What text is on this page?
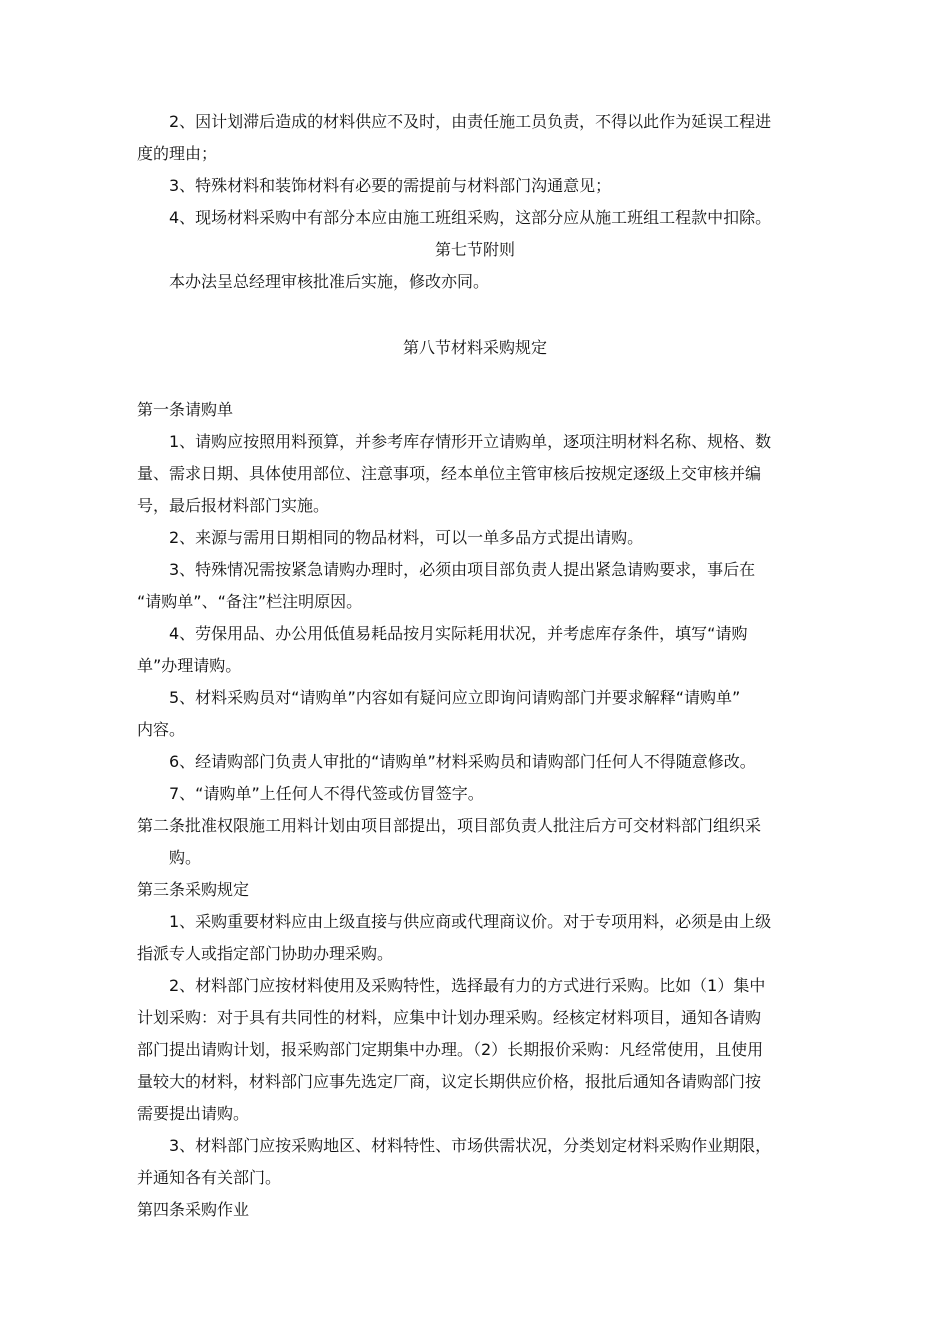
2、因计划滞后造成的材料供应不及时，由责任施工员负责，不得以此作为延误工程进
度的理由；
3、特殊材料和装饰材料有必要的需提前与材料部门沟通意见；
4、现场材料采购中有部分本应由施工班组采购，这部分应从施工班组工程款中扣除。
第七节附则
本办法呈总经理审核批准后实施，修改亦同。
第八节材料采购规定
第一条请购单
1、请购应按照用料预算，并参考库存情形开立请购单，逐项注明材料名称、规格、数
量、需求日期、具体使用部位、注意事项，经本单位主管审核后按规定逐级上交审核并编
号，最后报材料部门实施。
2、来源与需用日期相同的物品材料，可以一单多品方式提出请购。
3、特殊情况需按紧急请购办理时，必须由项目部负责人提出紧急请购要求，事后在
“请购单”、“备注”栏注明原因。
4、劳保用品、办公用低值易耗品按月实际耗用状况，并考虑库存条件，填写“请购
单”办理请购。
5、材料采购员对“请购单”内容如有疑问应立即询问请购部门并要求解释“请购单”
内容。
6、经请购部门负责人审批的“请购单”材料采购员和请购部门任何人不得随意修改。
7、“请购单”上任何人不得代签或仿冒签字。
第二条批准权限施工用料计划由项目部提出，项目部负责人批注后方可交材料部门组织采
购。
第三条采购规定
1、采购重要材料应由上级直接与供应商或代理商议价。对于专项用料，必须是由上级
指派专人或指定部门协助办理采购。
2、材料部门应按材料使用及采购特性，选择最有力的方式进行采购。比如（1）集中
计划采购：对于具有共同性的材料，应集中计划办理采购。经核定材料项目，通知各请购
部门提出请购计划，报采购部门定期集中办理。（2）长期报价采购：凡经常使用，且使用
量较大的材料，材料部门应事先选定厂商，议定长期供应价格，报批后通知各请购部门按
需要提出请购。
3、材料部门应按采购地区、材料特性、市场供需状况，分类划定材料采购作业期限，
并通知各有关部门。
第四条采购作业
